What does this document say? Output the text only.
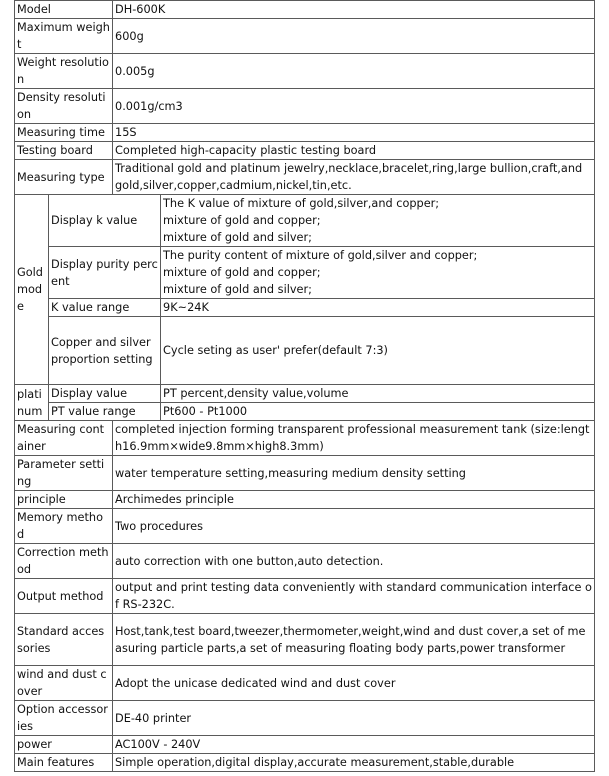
Model		DH-600K	
Maximum weight		600g	
Weight resolution		0.005g	
Density resolution		0.001g/cm3	
Measuring time		15S	
Testing board		Completed high-capacity plastic testing board	
Measuring type		Traditional gold and platinum jewelry,necklace,bracelet,ring,large bullion,craft,and gold,silver,copper,cadmium,nickel,tin,etc.	
Gold mode	Display k value		The K value of mixture of gold,silver,and copper;
mixture of gold and copper;
mixture of gold and silver;
	Display purity percent		The purity content of mixture of gold,silver and copper;
mixture of gold and copper;
mixture of gold and silver;
	K value range		9K~24K
	Copper and silver proportion setting		Cycle seting as user' prefer(default 7:3)
platinum	Display value		PT percent,density value,volume
	PT value range		Pt600 - Pt1000
Measuring container		completed injection forming transparent professional measurement tank (size:length16.9mm×wide9.8mm×high8.3mm)	
Parameter setting		water temperature setting,measuring medium density setting	
principle		Archimedes principle	
Memory method		Two procedures	
Correction method		auto correction with one button,auto detection.	
Output method		output and print testing data conveniently with standard communication interface of RS-232C.	
Standard accessories		Host,tank,test board,tweezer,thermometer,weight,wind and dust cover,a set of measuring particle parts,a set of measuring floating body parts,power transformer	
wind and dust cover		Adopt the unicase dedicated wind and dust cover	
Option accessories		DE-40 printer	
power		AC100V - 240V	
Main features		Simple operation,digital display,accurate measurement,stable,durable	
